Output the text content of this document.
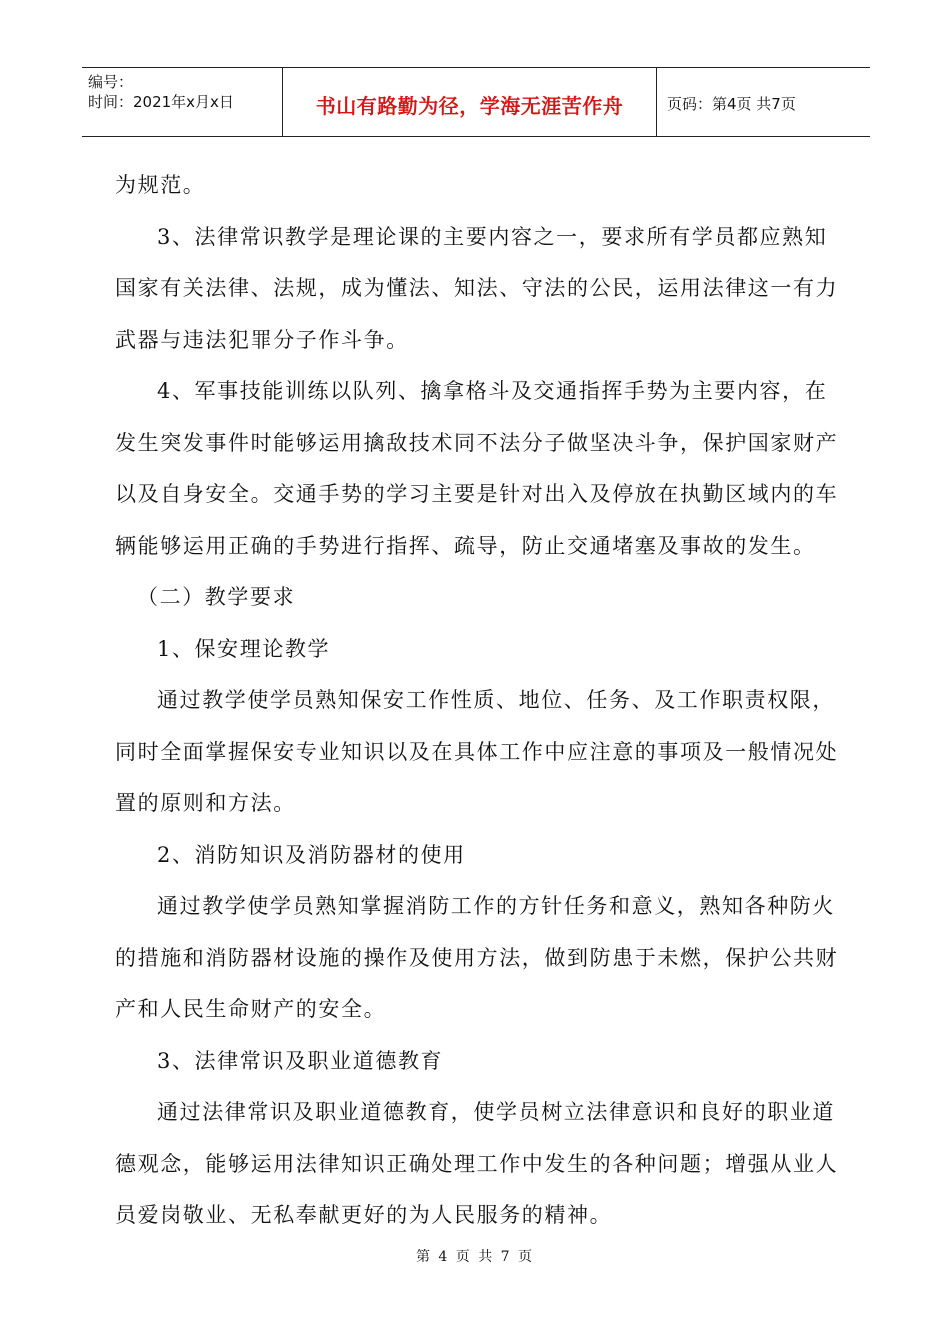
编号：
时间：2021年x月x日	书山有路勤为径，学海无涯苦作舟	页码：第4页 共7页
为规范。
3、法律常识教学是理论课的主要内容之一，要求所有学员都应熟知
国家有关法律、法规，成为懂法、知法、守法的公民，运用法律这一有力
武器与违法犯罪分子作斗争。
4、军事技能训练以队列、擒拿格斗及交通指挥手势为主要内容，在
发生突发事件时能够运用擒敌技术同不法分子做坚决斗争，保护国家财产
以及自身安全。交通手势的学习主要是针对出入及停放在执勤区域内的车
辆能够运用正确的手势进行指挥、疏导，防止交通堵塞及事故的发生。
（二）教学要求
1、保安理论教学
通过教学使学员熟知保安工作性质、地位、任务、及工作职责权限，
同时全面掌握保安专业知识以及在具体工作中应注意的事项及一般情况处
置的原则和方法。
2、消防知识及消防器材的使用
通过教学使学员熟知掌握消防工作的方针任务和意义，熟知各种防火
的措施和消防器材设施的操作及使用方法，做到防患于未燃，保护公共财
产和人民生命财产的安全。
3、法律常识及职业道德教育
通过法律常识及职业道德教育，使学员树立法律意识和良好的职业道
德观念，能够运用法律知识正确处理工作中发生的各种问题；增强从业人
员爱岗敬业、无私奉献更好的为人民服务的精神。
第 4 页 共 7 页
